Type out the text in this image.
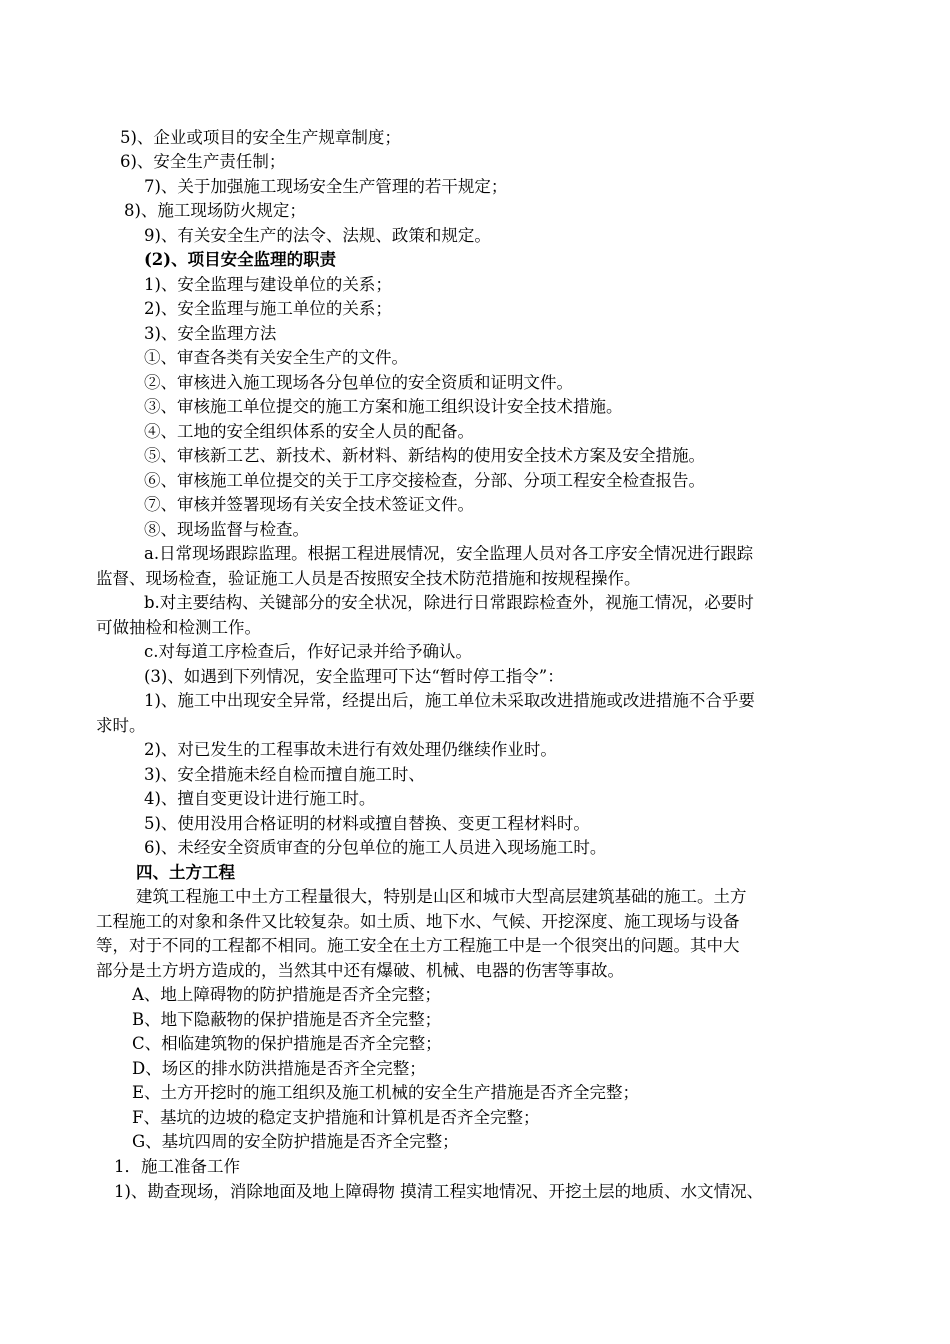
5)、企业或项目的安全生产规章制度；
6)、安全生产责任制；
7)、关于加强施工现场安全生产管理的若干规定；
8)、施工现场防火规定；
9)、有关安全生产的法令、法规、政策和规定。
(2)、项目安全监理的职责
1)、安全监理与建设单位的关系；
2)、安全监理与施工单位的关系；
3)、安全监理方法
①、审查各类有关安全生产的文件。
②、审核进入施工现场各分包单位的安全资质和证明文件。
③、审核施工单位提交的施工方案和施工组织设计安全技术措施。
④、工地的安全组织体系的安全人员的配备。
⑤、审核新工艺、新技术、新材料、新结构的使用安全技术方案及安全措施。
⑥、审核施工单位提交的关于工序交接检查，分部、分项工程安全检查报告。
⑦、审核并签署现场有关安全技术签证文件。
⑧、现场监督与检查。
a.日常现场跟踪监理。根据工程进展情况，安全监理人员对各工序安全情况进行跟踪
监督、现场检查，验证施工人员是否按照安全技术防范措施和按规程操作。
b.对主要结构、关键部分的安全状况，除进行日常跟踪检查外，视施工情况，必要时
可做抽检和检测工作。
c.对每道工序检查后，作好记录并给予确认。
(3)、如遇到下列情况，安全监理可下达“暂时停工指令”：
1)、施工中出现安全异常，经提出后，施工单位未采取改进措施或改进措施不合乎要
求时。
2)、对已发生的工程事故未进行有效处理仍继续作业时。
3)、安全措施未经自检而擅自施工时、
4)、擅自变更设计进行施工时。
5)、使用没用合格证明的材料或擅自替换、变更工程材料时。
6)、未经安全资质审查的分包单位的施工人员进入现场施工时。
四、土方工程
建筑工程施工中土方工程量很大，特别是山区和城市大型高层建筑基础的施工。土方
工程施工的对象和条件又比较复杂。如土质、地下水、气候、开挖深度、施工现场与设备
等，对于不同的工程都不相同。施工安全在土方工程施工中是一个很突出的问题。其中大
部分是土方坍方造成的，当然其中还有爆破、机械、电器的伤害等事故。
A、地上障碍物的防护措施是否齐全完整；
B、地下隐蔽物的保护措施是否齐全完整；
C、相临建筑物的保护措施是否齐全完整；
D、场区的排水防洪措施是否齐全完整；
E、土方开挖时的施工组织及施工机械的安全生产措施是否齐全完整；
F、基坑的边坡的稳定支护措施和计算机是否齐全完整；
G、基坑四周的安全防护措施是否齐全完整；
1．施工准备工作
1)、勘查现场，消除地面及地上障碍物 摸清工程实地情况、开挖土层的地质、水文情况、
